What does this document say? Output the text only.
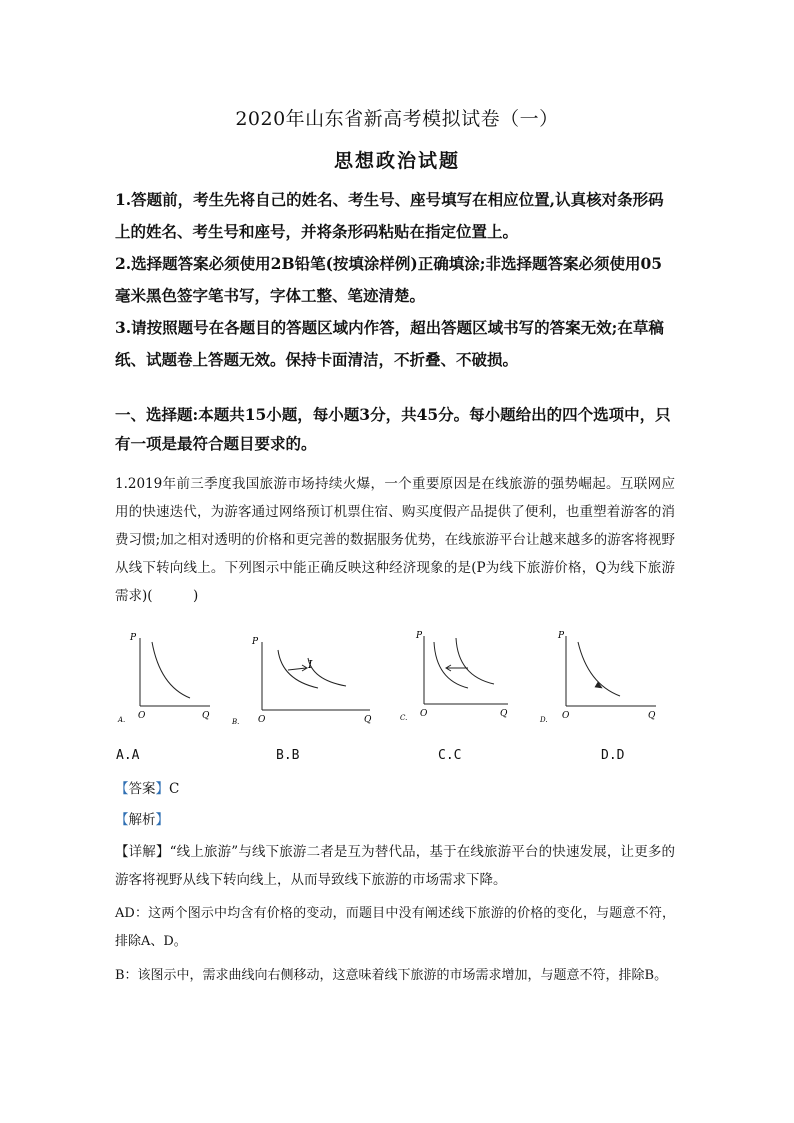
2020年山东省新高考模拟试卷（一）
思想政治试题

1.答题前，考生先将自己的姓名、考生号、座号填写在相应位置,认真核对条形码上的姓名、考生号和座号，并将条形码粘贴在指定位置上。

2.选择题答案必须使用2B铅笔(按填涂样例)正确填涂;非选择题答案必须使用05毫米黑色签字笔书写，字体工整、笔迹清楚。

3.请按照题号在各题目的答题区域内作答，超出答题区域书写的答案无效;在草稿纸、试题卷上答题无效。保持卡面清洁，不折叠、不破损。

一、选择题:本题共15小题，每小题3分，共45分。每小题给出的四个选项中，只有一项是最符合题目要求的。
1.2019年前三季度我国旅游市场持续火爆，一个重要原因是在线旅游的强势崛起。互联网应用的快速迭代，为游客通过网络预订机票住宿、购买度假产品提供了便利，也重塑着游客的消费习惯;加之相对透明的价格和更完善的数据服务优势，在线旅游平台让越来越多的游客将视野从线下转向线上。下列图示中能正确反映这种经济现象的是(P为线下旅游价格，Q为线下旅游需求)(　　　)
P
O	Q
A.
I
P
O	Q
B.
P
O	Q
C.
P
O	Q
D.
A.A	B.B	C.C	D.D
【答案】C
【解析】
【详解】“线上旅游”与线下旅游二者是互为替代品，基于在线旅游平台的快速发展，让更多的游客将视野从线下转向线上，从而导致线下旅游的市场需求下降。
AD：这两个图示中均含有价格的变动，而题目中没有阐述线下旅游的价格的变化，与题意不符，排除A、D。
B：该图示中，需求曲线向右侧移动，这意味着线下旅游的市场需求增加，与题意不符，排除B。
